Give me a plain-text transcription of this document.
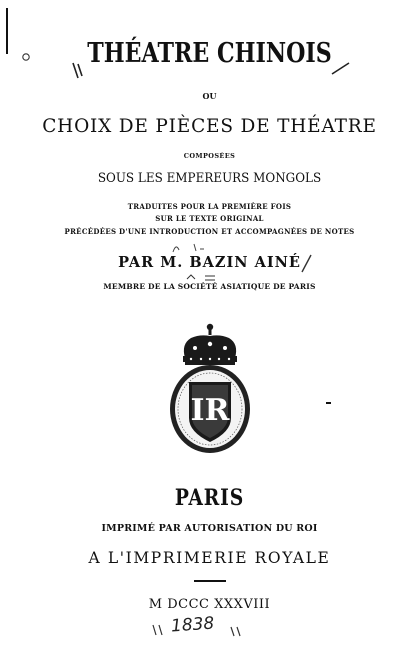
THÉATRE CHINOIS

OU

CHOIX DE PIÈCES DE THÉATRE

COMPOSÉES

SOUS LES EMPEREURS MONGOLS

TRADUITES POUR LA PREMIÈRE FOIS

SUR LE TEXTE ORIGINAL

PRÉCÉDÉES D'UNE INTRODUCTION ET ACCOMPAGNÉES DE NOTES

PAR M. BAZIN AINÉ

MEMBRE DE LA SOCIÉTÉ ASIATIQUE DE PARIS

IR

PARIS

IMPRIMÉ PAR AUTORISATION DU ROI

A L'IMPRIMERIE ROYALE

M DCCC XXXVIII

1838
